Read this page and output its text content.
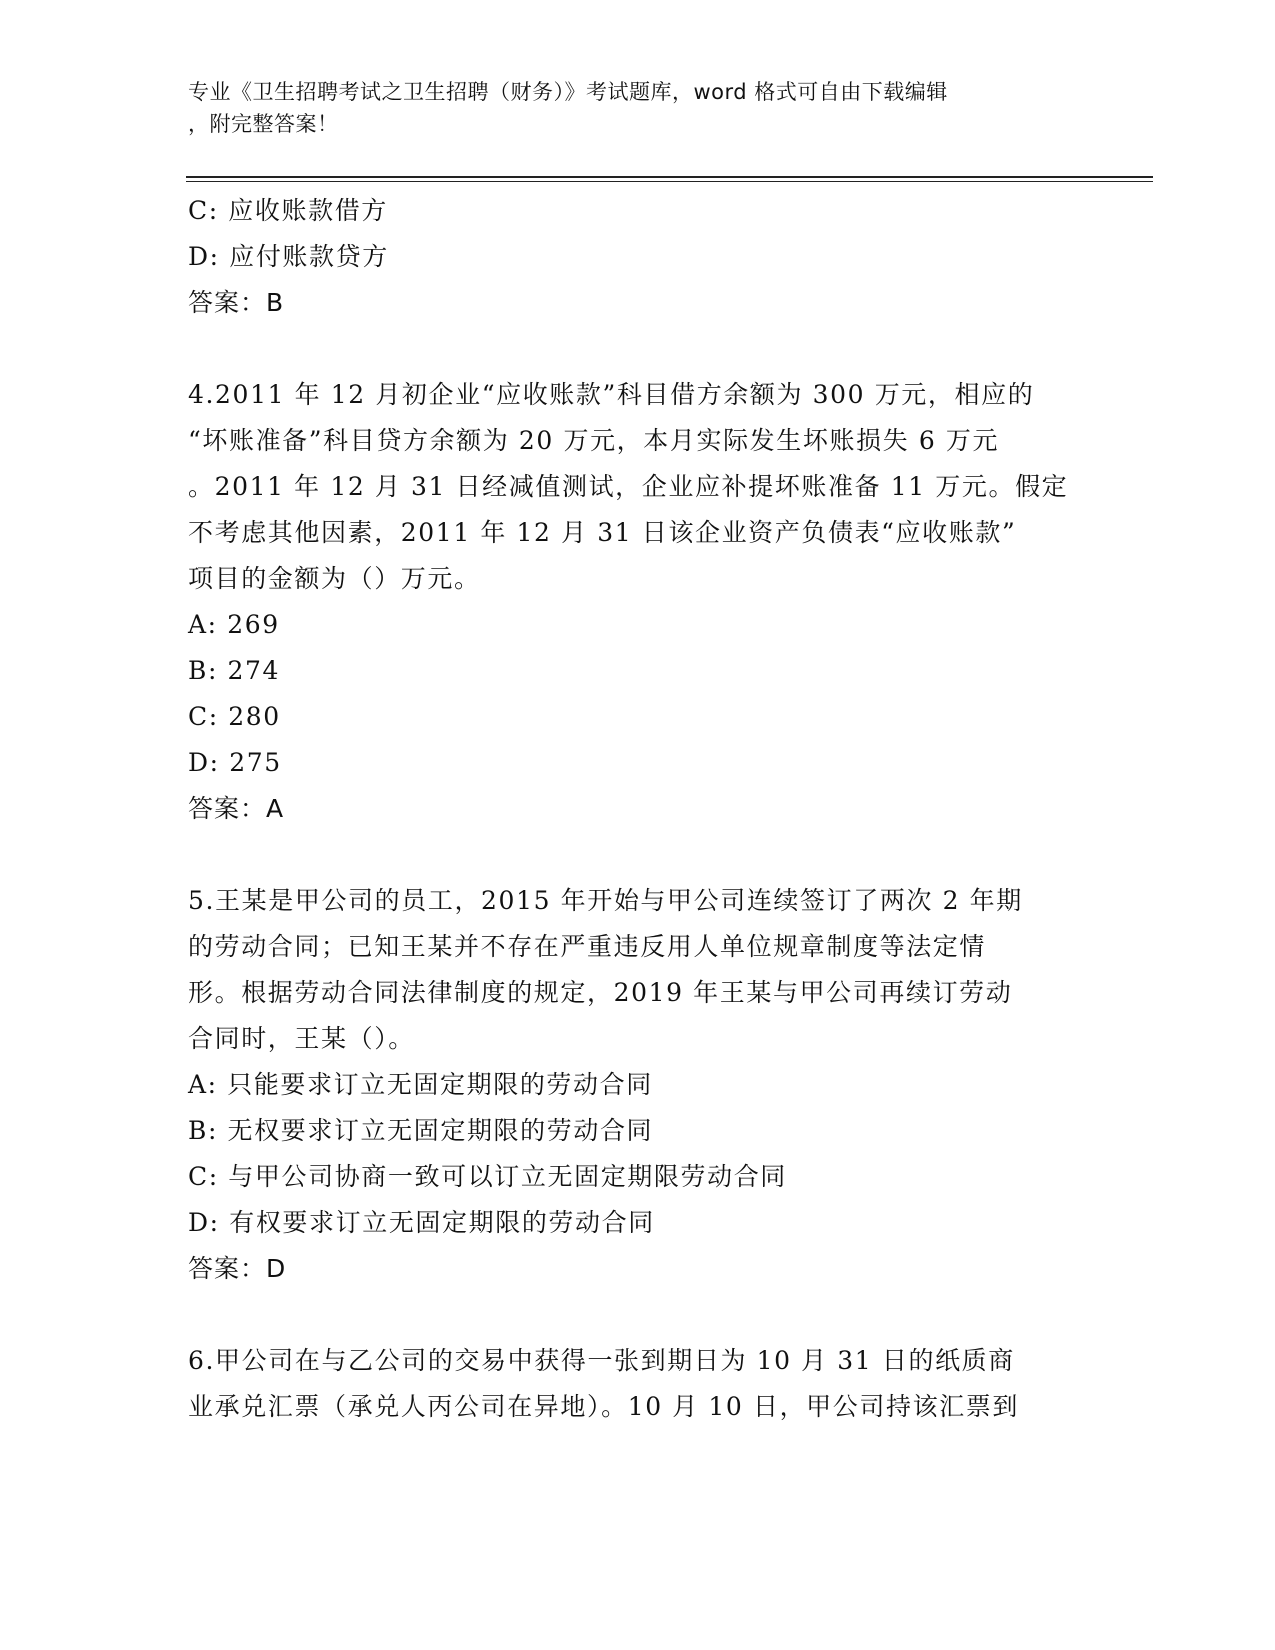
专业《卫生招聘考试之卫生招聘（财务）》考试题库，word 格式可自由下载编辑
，附完整答案！
C: 应收账款借方
D: 应付账款贷方
答案：B
4.2011 年 12 月初企业“应收账款”科目借方余额为 300 万元，相应的
“坏账准备”科目贷方余额为 20 万元，本月实际发生坏账损失 6 万元
。2011 年 12 月 31 日经减值测试，企业应补提坏账准备 11 万元。假定
不考虑其他因素，2011 年 12 月 31 日该企业资产负债表“应收账款”
项目的金额为（）万元。
A: 269
B: 274
C: 280
D: 275
答案：A
5.王某是甲公司的员工，2015 年开始与甲公司连续签订了两次 2 年期
的劳动合同；已知王某并不存在严重违反用人单位规章制度等法定情
形。根据劳动合同法律制度的规定，2019 年王某与甲公司再续订劳动
合同时，王某（）。
A: 只能要求订立无固定期限的劳动合同
B: 无权要求订立无固定期限的劳动合同
C: 与甲公司协商一致可以订立无固定期限劳动合同
D: 有权要求订立无固定期限的劳动合同
答案：D
6.甲公司在与乙公司的交易中获得一张到期日为 10 月 31 日的纸质商
业承兑汇票（承兑人丙公司在异地）。10 月 10 日，甲公司持该汇票到
